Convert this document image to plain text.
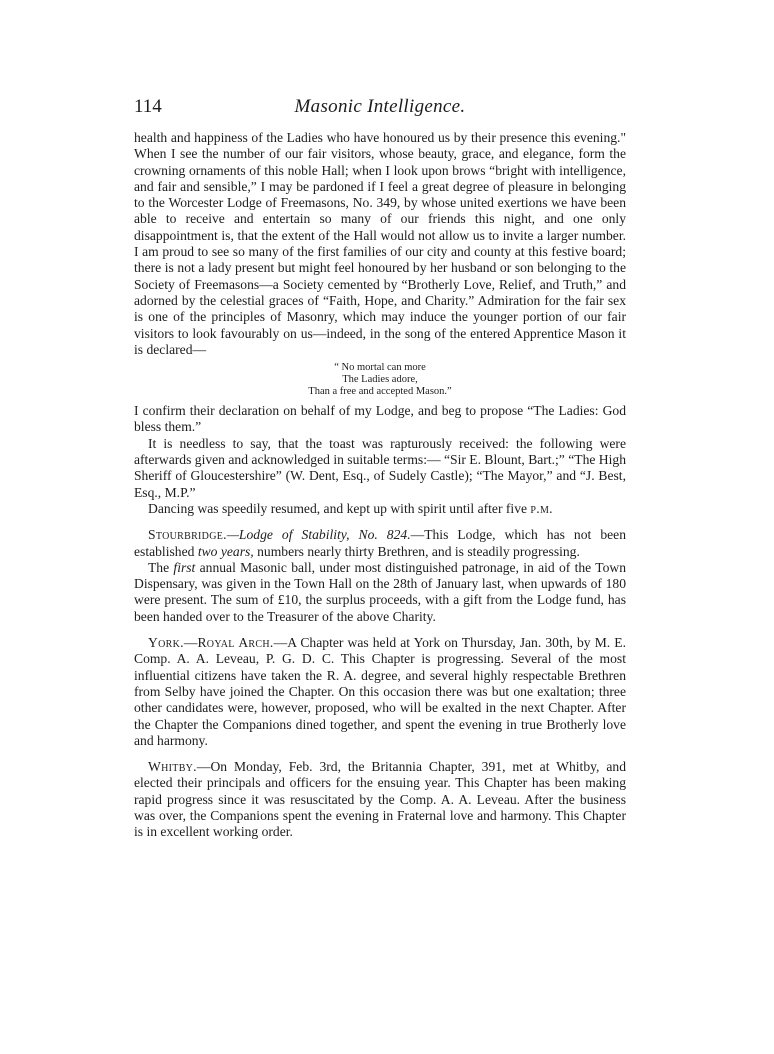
114	Masonic Intelligence.

health and happiness of the Ladies who have honoured us by their presence this evening." When I see the number of our fair visitors, whose beauty, grace, and elegance, form the crowning ornaments of this noble Hall; when I look upon brows “bright with intelligence, and fair and sensible,” I may be pardoned if I feel a great degree of pleasure in belonging to the Worcester Lodge of Freemasons, No. 349, by whose united exertions we have been able to receive and entertain so many of our friends this night, and one only disappointment is, that the extent of the Hall would not allow us to invite a larger number. I am proud to see so many of the first families of our city and county at this festive board; there is not a lady present but might feel honoured by her husband or son belonging to the Society of Freemasons—a Society cemented by “Brotherly Love, Relief, and Truth,” and adorned by the celestial graces of “Faith, Hope, and Charity.” Admiration for the fair sex is one of the principles of Masonry, which may induce the younger portion of our fair visitors to look favourably on us—indeed, in the song of the entered Apprentice Mason it is declared—

“ No mortal can more
The Ladies adore,
Than a free and accepted Mason.”

I confirm their declaration on behalf of my Lodge, and beg to propose “The Ladies: God bless them.”

It is needless to say, that the toast was rapturously received: the following were afterwards given and acknowledged in suitable terms:— “Sir E. Blount, Bart.;” “The High Sheriff of Gloucestershire” (W. Dent, Esq., of Sudely Castle); “The Mayor,” and “J. Best, Esq., M.P.”

Dancing was speedily resumed, and kept up with spirit until after five p.m.

Stourbridge.—Lodge of Stability, No. 824.—This Lodge, which has not been established two years, numbers nearly thirty Brethren, and is steadily progressing.

The first annual Masonic ball, under most distinguished patronage, in aid of the Town Dispensary, was given in the Town Hall on the 28th of January last, when upwards of 180 were present. The sum of £10, the surplus proceeds, with a gift from the Lodge fund, has been handed over to the Treasurer of the above Charity.

York.—Royal Arch.—A Chapter was held at York on Thursday, Jan. 30th, by M. E. Comp. A. A. Leveau, P. G. D. C. This Chapter is progressing. Several of the most influential citizens have taken the R. A. degree, and several highly respectable Brethren from Selby have joined the Chapter. On this occasion there was but one exaltation; three other candidates were, however, proposed, who will be exalted in the next Chapter. After the Chapter the Companions dined together, and spent the evening in true Brotherly love and harmony.

Whitby.—On Monday, Feb. 3rd, the Britannia Chapter, 391, met at Whitby, and elected their principals and officers for the ensuing year. This Chapter has been making rapid progress since it was resuscitated by the Comp. A. A. Leveau. After the business was over, the Companions spent the evening in Fraternal love and harmony. This Chapter is in excellent working order.
